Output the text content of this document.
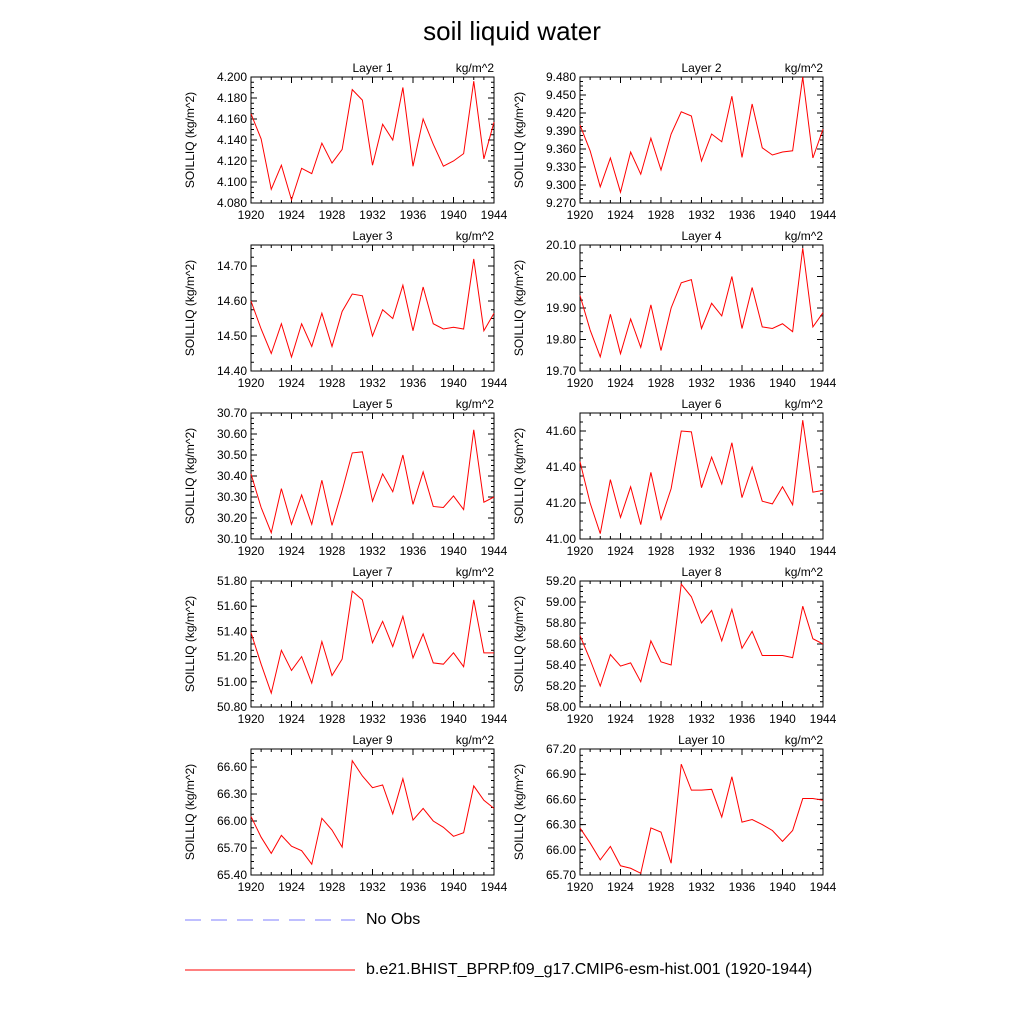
soil liquid water
1920 1924 1928 1932 1936 1940 1944
4.080
4.100
4.120
4.140
4.160
4.180
4.200
Layer 1	kg/m^2
SOILLIQ (kg/m^2)
1920 1924 1928 1932 1936 1940 1944
9.270
9.300
9.330
9.360
9.390
9.420
9.450
9.480
Layer 2	kg/m^2
SOILLIQ (kg/m^2)
1920 1924 1928 1932 1936 1940 1944
14.40
14.50
14.60
14.70
Layer 3	kg/m^2
SOILLIQ (kg/m^2)
1920 1924 1928 1932 1936 1940 1944
19.70
19.80
19.90
20.00
20.10
Layer 4	kg/m^2
SOILLIQ (kg/m^2)
1920 1924 1928 1932 1936 1940 1944
30.10
30.20
30.30
30.40
30.50
30.60
30.70
Layer 5	kg/m^2
SOILLIQ (kg/m^2)
1920 1924 1928 1932 1936 1940 1944
41.00
41.20
41.40
41.60
Layer 6	kg/m^2
SOILLIQ (kg/m^2)
1920 1924 1928 1932 1936 1940 1944
50.80
51.00
51.20
51.40
51.60
51.80
Layer 7	kg/m^2
SOILLIQ (kg/m^2)
1920 1924 1928 1932 1936 1940 1944
58.00
58.20
58.40
58.60
58.80
59.00
59.20
Layer 8	kg/m^2
SOILLIQ (kg/m^2)
1920 1924 1928 1932 1936 1940 1944
65.40
65.70
66.00
66.30
66.60
Layer 9	kg/m^2
SOILLIQ (kg/m^2)
1920 1924 1928 1932 1936 1940 1944
65.70
66.00
66.30
66.60
66.90
67.20
Layer 10	kg/m^2
SOILLIQ (kg/m^2)
No Obs
b.e21.BHIST_BPRP.f09_g17.CMIP6-esm-hist.001 (1920-1944)
